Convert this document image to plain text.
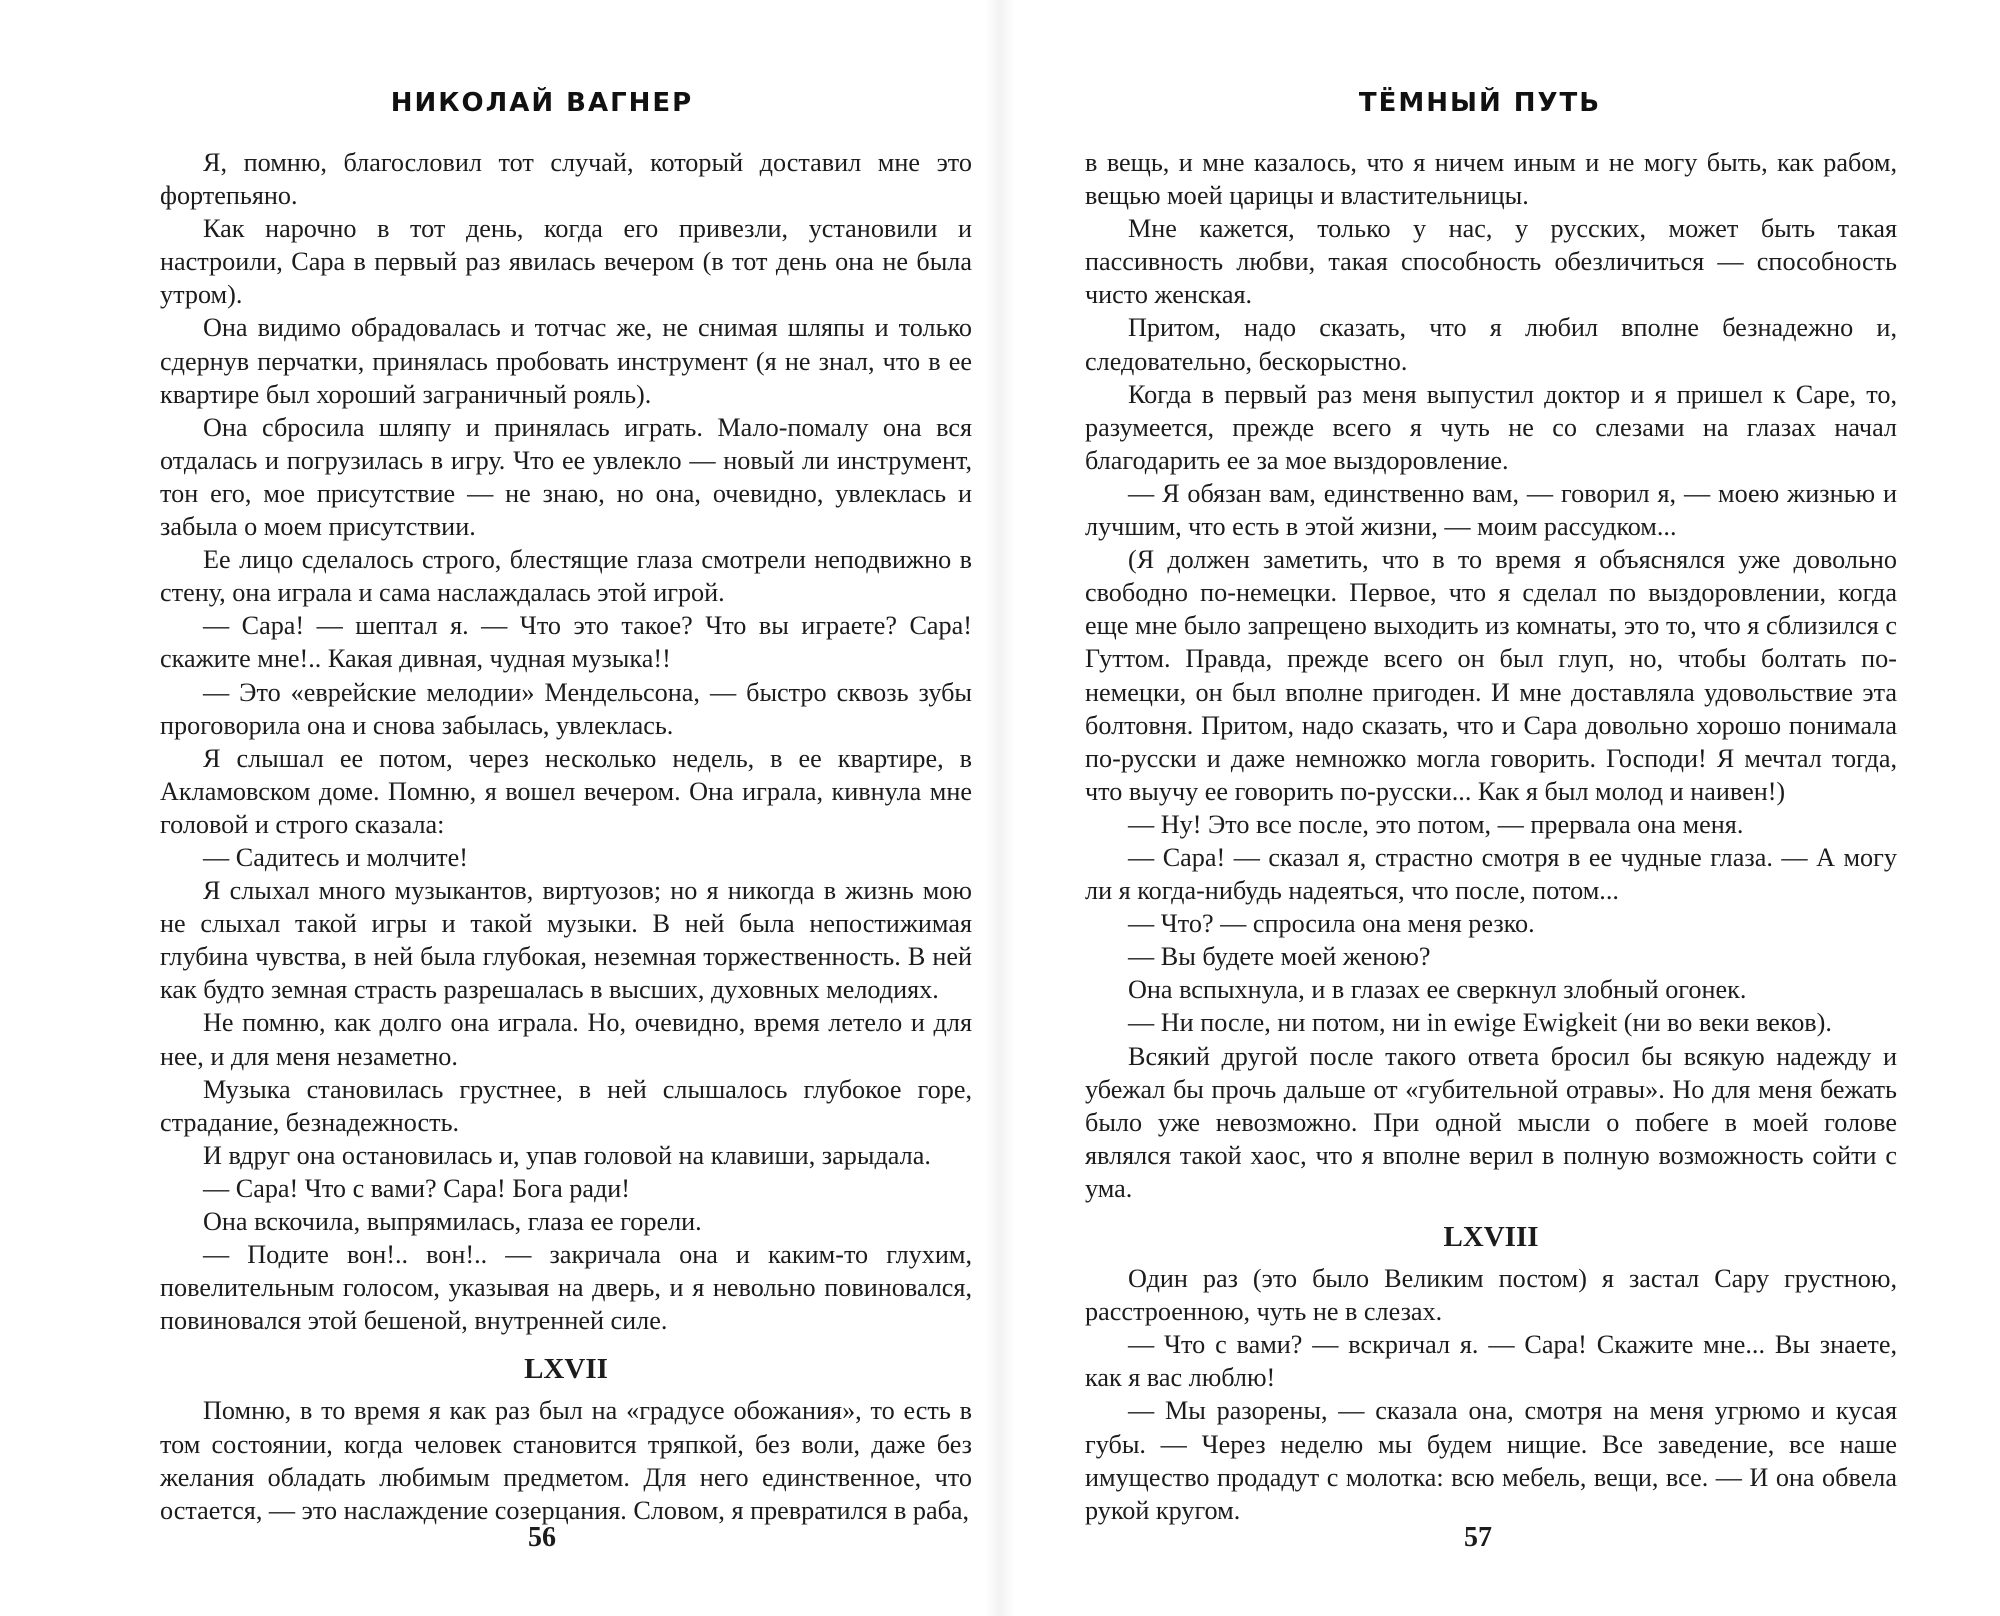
НИКОЛАЙ ВАГНЕР

Я, помню, благословил тот случай, который доставил мне это фортепьяно.

Как нарочно в тот день, когда его привезли, установили и настроили, Сара в первый раз явилась вечером (в тот день она не была утром).

Она видимо обрадовалась и тотчас же, не снимая шляпы и только сдернув перчатки, принялась пробовать инструмент (я не знал, что в ее квартире был хороший заграничный рояль).

Она сбросила шляпу и принялась играть. Мало-помалу она вся отдалась и погрузилась в игру. Что ее увлекло — новый ли инструмент, тон его, мое присутствие — не знаю, но она, очевидно, увлеклась и забыла о моем присутствии.

Ее лицо сделалось строго, блестящие глаза смотрели неподвижно в стену, она играла и сама наслаждалась этой игрой.

— Сара! — шептал я. — Что это такое? Что вы играете? Сара! скажите мне!.. Какая дивная, чудная музыка!!

— Это «еврейские мелодии» Мендельсона, — быстро сквозь зубы проговорила она и снова забылась, увлеклась.

Я слышал ее потом, через несколько недель, в ее квартире, в Акламовском доме. Помню, я вошел вечером. Она играла, кивнула мне головой и строго сказала:

— Садитесь и молчите!

Я слыхал много музыкантов, виртуозов; но я никогда в жизнь мою не слыхал такой игры и такой музыки. В ней была непостижимая глубина чувства, в ней была глубокая, неземная торжественность. В ней как будто земная страсть разрешалась в высших, духовных мелодиях.

Не помню, как долго она играла. Но, очевидно, время летело и для нее, и для меня незаметно.

Музыка становилась грустнее, в ней слышалось глубокое горе, страдание, безнадежность.

И вдруг она остановилась и, упав головой на клавиши, зарыдала.

— Сара! Что с вами? Сара! Бога ради!

Она вскочила, выпрямилась, глаза ее горели.

— Подите вон!.. вон!.. — закричала она и каким-то глухим, повелительным голосом, указывая на дверь, и я невольно повиновался, повиновался этой бешеной, внутренней силе.

LXVII

Помню, в то время я как раз был на «градусе обожания», то есть в том состоянии, когда человек становится тряпкой, без воли, даже без желания обладать любимым предметом. Для него единственное, что остается, — это наслаждение созерцания. Словом, я превратился в раба,

56
ТЁМНЫЙ ПУТЬ

в вещь, и мне казалось, что я ничем иным и не могу быть, как рабом, вещью моей царицы и властительницы.

Мне кажется, только у нас, у русских, может быть такая пассивность любви, такая способность обезличиться — способность чисто женская.

Притом, надо сказать, что я любил вполне безнадежно и, следовательно, бескорыстно.

Когда в первый раз меня выпустил доктор и я пришел к Саре, то, разумеется, прежде всего я чуть не со слезами на глазах начал благодарить ее за мое выздоровление.

— Я обязан вам, единственно вам, — говорил я, — моею жизнью и лучшим, что есть в этой жизни, — моим рассудком...

(Я должен заметить, что в то время я объяснялся уже довольно свободно по-немецки. Первое, что я сделал по выздоровлении, когда еще мне было запрещено выходить из комнаты, это то, что я сблизился с Гуттом. Правда, прежде всего он был глуп, но, чтобы болтать по-немецки, он был вполне пригоден. И мне доставляла удовольствие эта болтовня. Притом, надо сказать, что и Сара довольно хорошо понимала по-русски и даже немножко могла говорить. Господи! Я мечтал тогда, что выучу ее говорить по-русски... Как я был молод и наивен!)

— Ну! Это все после, это потом, — прервала она меня.

— Сара! — сказал я, страстно смотря в ее чудные глаза. — А могу ли я когда-нибудь надеяться, что после, потом...

— Что? — спросила она меня резко.

— Вы будете моей женою?

Она вспыхнула, и в глазах ее сверкнул злобный огонек.

— Ни после, ни потом, ни in ewige Ewigkeit (ни во веки веков).

Всякий другой после такого ответа бросил бы всякую надежду и убежал бы прочь дальше от «губительной отравы». Но для меня бежать было уже невозможно. При одной мысли о побеге в моей голове являлся такой хаос, что я вполне верил в полную возможность сойти с ума.

LXVIII

Один раз (это было Великим постом) я застал Сару грустною, расстроенною, чуть не в слезах.

— Что с вами? — вскричал я. — Сара! Скажите мне... Вы знаете, как я вас люблю!

— Мы разорены, — сказала она, смотря на меня угрюмо и кусая губы. — Через неделю мы будем нищие. Все заведение, все наше имущество продадут с молотка: всю мебель, вещи, все. — И она обвела рукой кругом.

57
